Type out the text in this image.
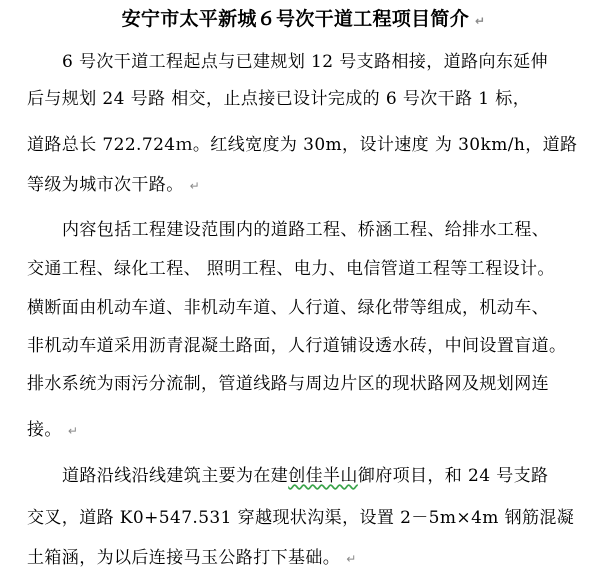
安宁市太平新城６号次干道工程项目简介 ↵
6 号次干道工程起点与已建规划 12 号支路相接，道路向东延伸
后与规划 24 号路 相交，止点接已设计完成的 6 号次干路 1 标，
道路总长 722.724ｍ。红线宽度为 30m，设计速度 为 30km/h，道路
等级为城市次干路。 ↵
内容包括工程建设范围内的道路工程、桥涵工程、给排水工程、
交通工程、绿化工程、 照明工程、电力、电信管道工程等工程设计。
横断面由机动车道、非机动车道、人行道、绿化带等组成，机动车、
非机动车道采用沥青混凝土路面，人行道铺设透水砖，中间设置盲道。
排水系统为雨污分流制，管道线路与周边片区的现状路网及规划网连
接。 ↵
道路沿线沿线建筑主要为在建创佳半山御府项目，和 24 号支路
交叉，道路 K0+547.531 穿越现状沟渠，设置 2－5m×4m 钢筋混凝
土箱涵，为以后连接马玉公路打下基础。 ↵
